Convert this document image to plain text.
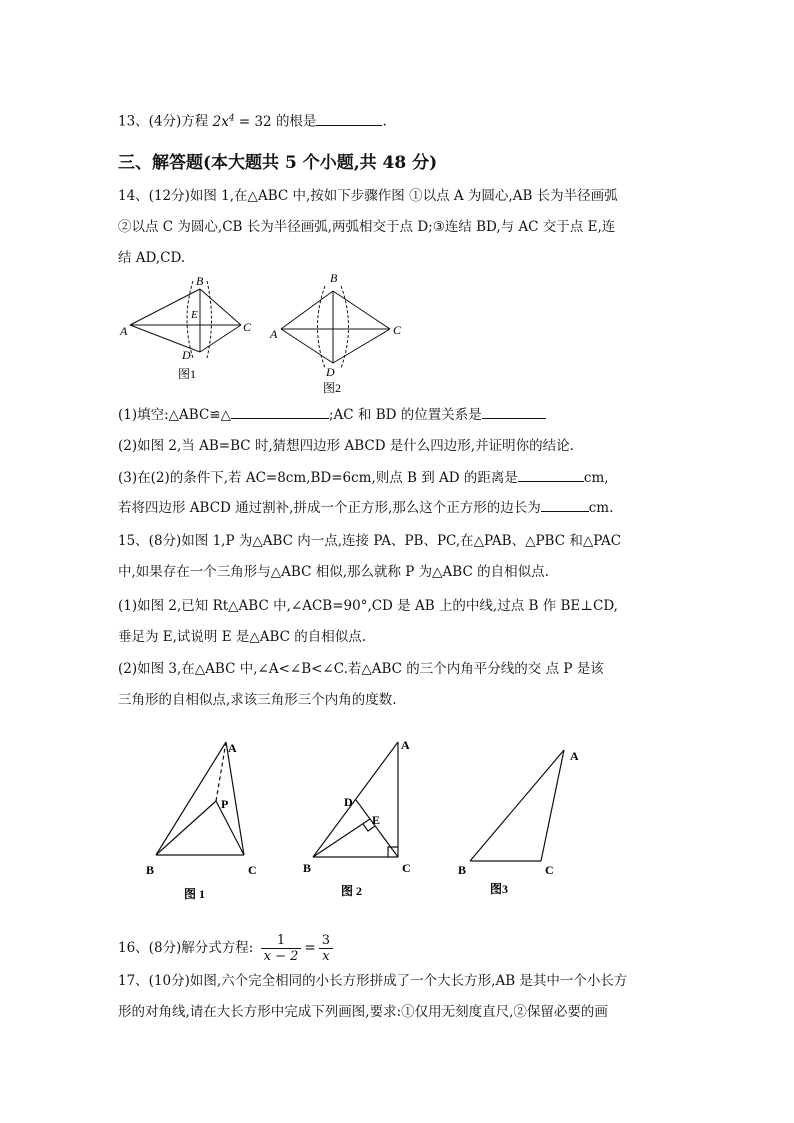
13、(4分)方程 $2x^4 = 32$ 的根是	.
三、解答题(本大题共 5 个小题,共 48 分)
14、(12分)如图 1,在△ABC 中,按如下步骤作图 ①以点 A 为圆心,AB 长为半径画弧
②以点 C 为圆心,CB 长为半径画弧,两弧相交于点 D;③连结 BD,与 AC 交于点 E,连
结 AD,CD.
B
A	C
E
D
图1
B
A	C
D
图2
(1)填空:△ABC≌△	;AC 和 BD 的位置关系是
(2)如图 2,当 AB=BC 时,猜想四边形 ABCD 是什么四边形,并证明你的结论.
(3)在(2)的条件下,若 AC=8cm,BD=6cm,则点 B 到 AD 的距离是	cm,
若将四边形 ABCD 通过割补,拼成一个正方形,那么这个正方形的边长为	cm.
15、(8分)如图 1,P 为△ABC 内一点,连接 PA、PB、PC,在△PAB、△PBC 和△PAC
中,如果存在一个三角形与△ABC 相似,那么就称 P 为△ABC 的自相似点.
(1)如图 2,已知 Rt△ABC 中,∠ACB=90°,CD 是 AB 上的中线,过点 B 作 BE⊥CD,
垂足为 E,试说明 E 是△ABC 的自相似点.
(2)如图 3,在△ABC 中,∠A<∠B<∠C.若△ABC 的三个内角平分线的交 点 P 是该
三角形的自相似点,求该三角形三个内角的度数.
A
P
B	C
图 1
A
D
E
B	C
图 2
A
B	C
图3
16、(8分)解分式方程: $\frac{1}{x - 2} = \frac{3}{x}$
17、(10分)如图,六个完全相同的小长方形拼成了一个大长方形,AB 是其中一个小长方
形的对角线,请在大长方形中完成下列画图,要求:①仅用无刻度直尺,②保留必要的画
